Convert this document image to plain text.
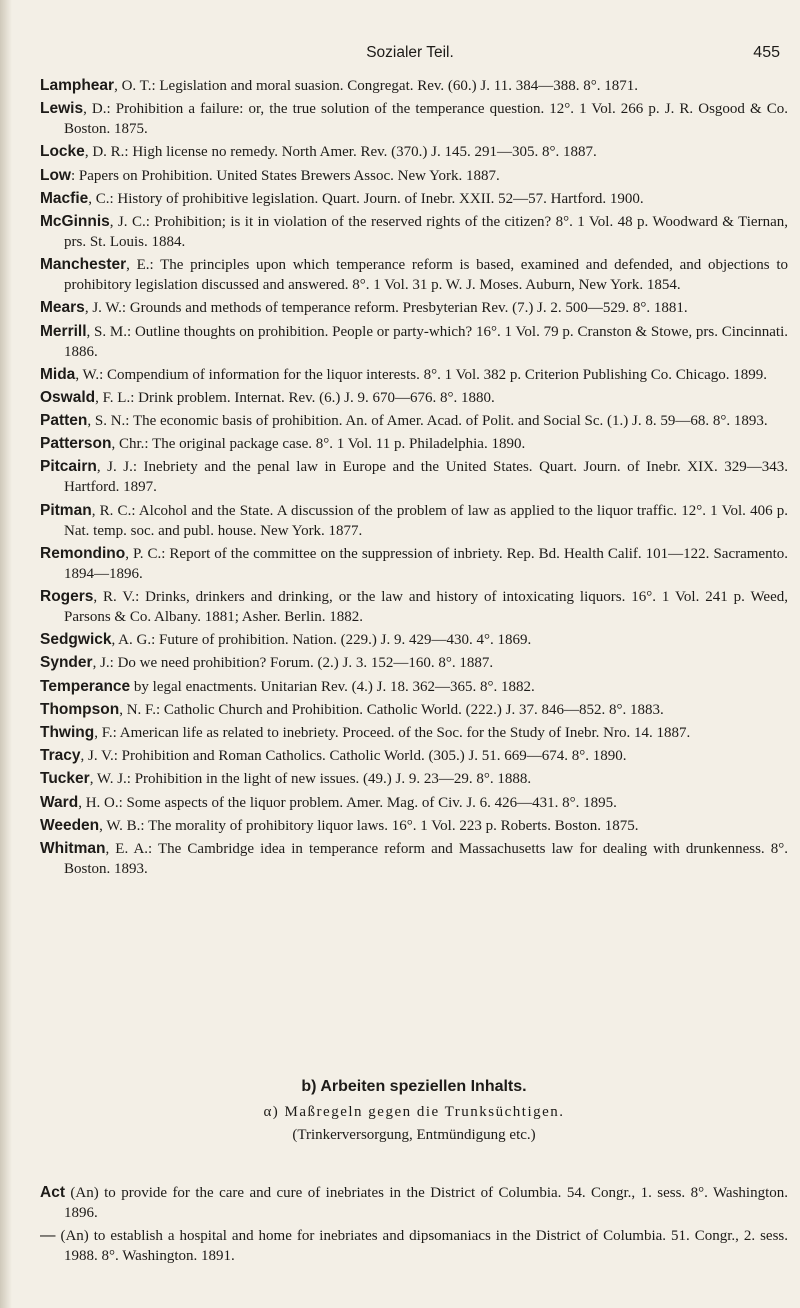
Sozialer Teil.	455

Lamphear, O. T.: Legislation and moral suasion. Congregat. Rev. (60.) J. 11. 384—388. 8°. 1871.

Lewis, D.: Prohibition a failure: or, the true solution of the temperance question. 12°. 1 Vol. 266 p. J. R. Osgood & Co. Boston. 1875.

Locke, D. R.: High license no remedy. North Amer. Rev. (370.) J. 145. 291—305. 8°. 1887.

Low: Papers on Prohibition. United States Brewers Assoc. New York. 1887.

Macfie, C.: History of prohibitive legislation. Quart. Journ. of Inebr. XXII. 52—57. Hartford. 1900.

McGinnis, J. C.: Prohibition; is it in violation of the reserved rights of the citizen? 8°. 1 Vol. 48 p. Woodward & Tiernan, prs. St. Louis. 1884.

Manchester, E.: The principles upon which temperance reform is based, examined and defended, and objections to prohibitory legislation discussed and answered. 8°. 1 Vol. 31 p. W. J. Moses. Auburn, New York. 1854.

Mears, J. W.: Grounds and methods of temperance reform. Presbyterian Rev. (7.) J. 2. 500—529. 8°. 1881.

Merrill, S. M.: Outline thoughts on prohibition. People or party-which? 16°. 1 Vol. 79 p. Cranston & Stowe, prs. Cincinnati. 1886.

Mida, W.: Compendium of information for the liquor interests. 8°. 1 Vol. 382 p. Criterion Publishing Co. Chicago. 1899.

Oswald, F. L.: Drink problem. Internat. Rev. (6.) J. 9. 670—676. 8°. 1880.

Patten, S. N.: The economic basis of prohibition. An. of Amer. Acad. of Polit. and Social Sc. (1.) J. 8. 59—68. 8°. 1893.

Patterson, Chr.: The original package case. 8°. 1 Vol. 11 p. Philadelphia. 1890.

Pitcairn, J. J.: Inebriety and the penal law in Europe and the United States. Quart. Journ. of Inebr. XIX. 329—343. Hartford. 1897.

Pitman, R. C.: Alcohol and the State. A discussion of the problem of law as applied to the liquor traffic. 12°. 1 Vol. 406 p. Nat. temp. soc. and publ. house. New York. 1877.

Remondino, P. C.: Report of the committee on the suppression of inbriety. Rep. Bd. Health Calif. 101—122. Sacramento. 1894—1896.

Rogers, R. V.: Drinks, drinkers and drinking, or the law and history of intoxicating liquors. 16°. 1 Vol. 241 p. Weed, Parsons & Co. Albany. 1881; Asher. Berlin. 1882.

Sedgwick, A. G.: Future of prohibition. Nation. (229.) J. 9. 429—430. 4°. 1869.

Synder, J.: Do we need prohibition? Forum. (2.) J. 3. 152—160. 8°. 1887.

Temperance by legal enactments. Unitarian Rev. (4.) J. 18. 362—365. 8°. 1882.

Thompson, N. F.: Catholic Church and Prohibition. Catholic World. (222.) J. 37. 846—852. 8°. 1883.

Thwing, F.: American life as related to inebriety. Proceed. of the Soc. for the Study of Inebr. Nro. 14. 1887.

Tracy, J. V.: Prohibition and Roman Catholics. Catholic World. (305.) J. 51. 669—674. 8°. 1890.

Tucker, W. J.: Prohibition in the light of new issues. (49.) J. 9. 23—29. 8°. 1888.

Ward, H. O.: Some aspects of the liquor problem. Amer. Mag. of Civ. J. 6. 426—431. 8°. 1895.

Weeden, W. B.: The morality of prohibitory liquor laws. 16°. 1 Vol. 223 p. Roberts. Boston. 1875.

Whitman, E. A.: The Cambridge idea in temperance reform and Massachusetts law for dealing with drunkenness. 8°. Boston. 1893.

b) Arbeiten speziellen Inhalts.
α) Maßregeln gegen die Trunksüchtigen.
(Trinkerversorgung, Entmündigung etc.)

Act (An) to provide for the care and cure of inebriates in the District of Columbia. 54. Congr., 1. sess. 8°. Washington. 1896.

— (An) to establish a hospital and home for inebriates and dipsomaniacs in the District of Columbia. 51. Congr., 2. sess. 1988. 8°. Washington. 1891.
